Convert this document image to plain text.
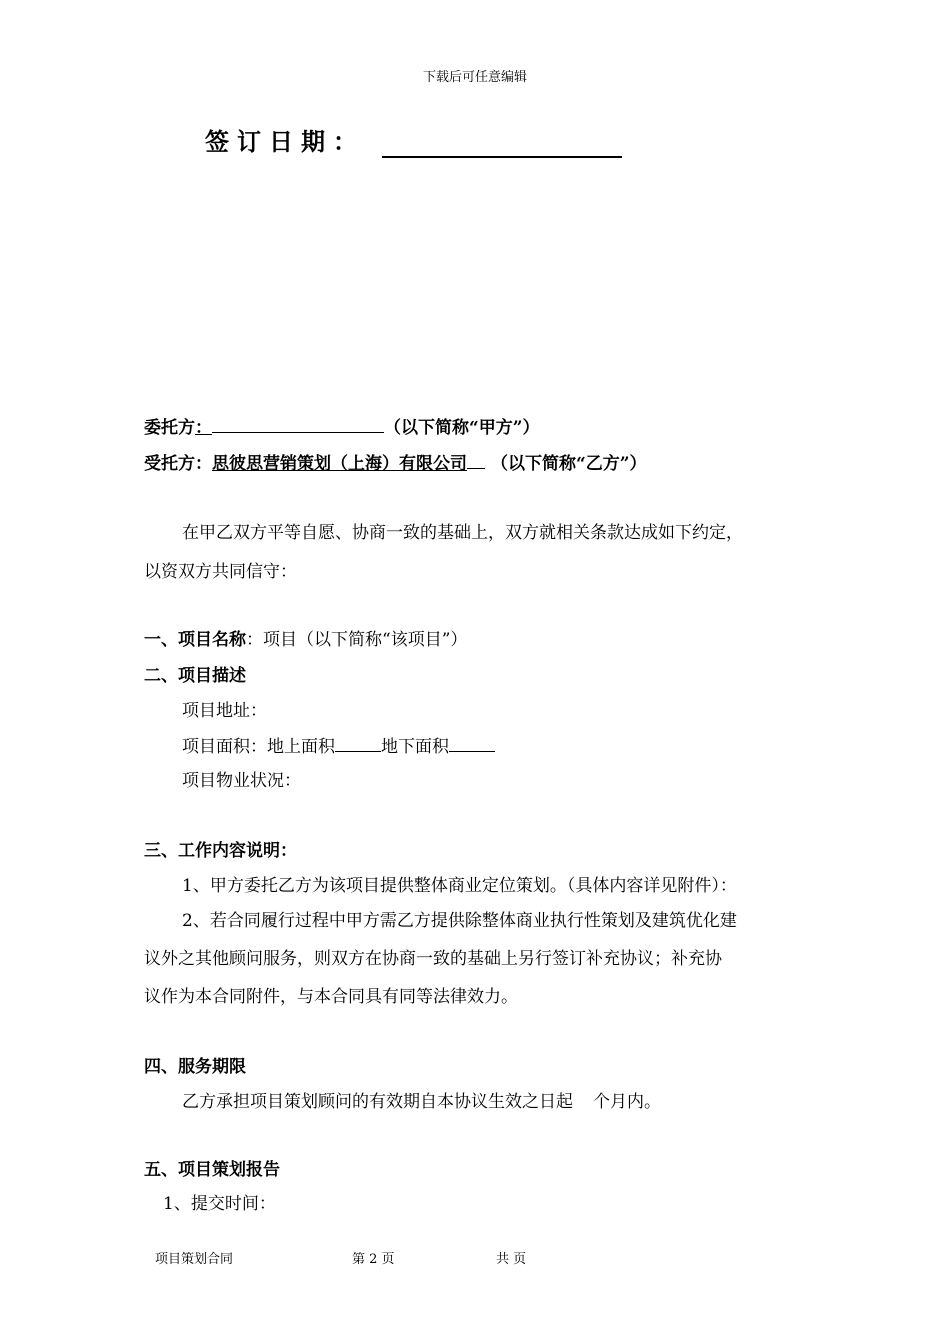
下载后可任意编辑
签订日期：
委托方：	（以下简称“甲方”）
受托方：思彼思营销策划（上海）有限公司 （以下简称“乙方”）
在甲乙双方平等自愿、协商一致的基础上，双方就相关条款达成如下约定，
以资双方共同信守：
一、项目名称：项目（以下简称“该项目”）
二、项目描述
项目地址：
项目面积：地上面积	地下面积
项目物业状况：
三、工作内容说明：
1、甲方委托乙方为该项目提供整体商业定位策划。（具体内容详见附件）：
2、若合同履行过程中甲方需乙方提供除整体商业执行性策划及建筑优化建
议外之其他顾问服务，则双方在协商一致的基础上另行签订补充协议；补充协
议作为本合同附件，与本合同具有同等法律效力。
四、服务期限
乙方承担项目策划顾问的有效期自本协议生效之日起 个月内。
五、项目策划报告
1、提交时间：
项目策划合同	第 2 页	共 页
